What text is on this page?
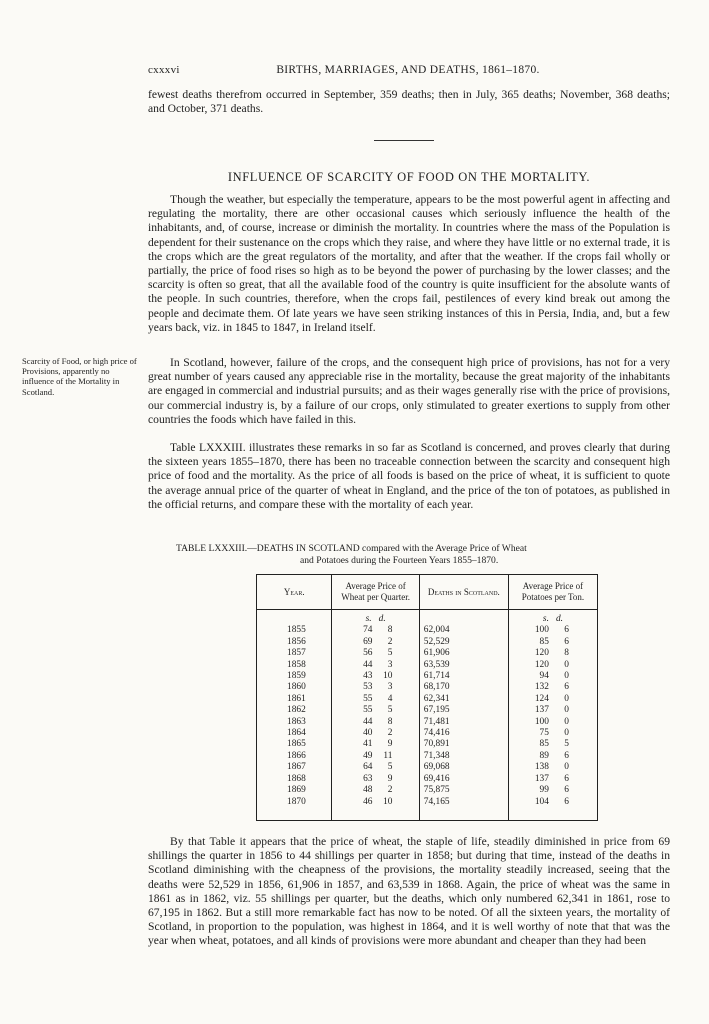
cxxxvi	BIRTHS, MARRIAGES, AND DEATHS, 1861–1870.

fewest deaths therefrom occurred in September, 359 deaths; then in July, 365 deaths; November, 368 deaths; and October, 371 deaths.

INFLUENCE OF SCARCITY OF FOOD ON THE MORTALITY.

Though the weather, but especially the temperature, appears to be the most powerful agent in affecting and regulating the mortality, there are other occasional causes which seriously influence the health of the inhabitants, and, of course, increase or diminish the mortality. In countries where the mass of the Population is dependent for their sustenance on the crops which they raise, and where they have little or no external trade, it is the crops which are the great regulators of the mortality, and after that the weather. If the crops fail wholly or partially, the price of food rises so high as to be beyond the power of purchasing by the lower classes; and the scarcity is often so great, that all the available food of the country is quite insufficient for the absolute wants of the people. In such countries, therefore, when the crops fail, pestilences of every kind break out among the people and decimate them. Of late years we have seen striking instances of this in Persia, India, and, but a few years back, viz. in 1845 to 1847, in Ireland itself.

In Scotland, however, failure of the crops, and the consequent high price of provisions, has not for a very great number of years caused any appreciable rise in the mortality, because the great majority of the inhabitants are engaged in commercial and industrial pursuits; and as their wages generally rise with the price of provisions, our commercial industry is, by a failure of our crops, only stimulated to greater exertions to supply from other countries the foods which have failed in this.

Table LXXXIII. illustrates these remarks in so far as Scotland is concerned, and proves clearly that during the sixteen years 1855–1870, there has been no traceable connection between the scarcity and consequent high price of food and the mortality. As the price of all foods is based on the price of wheat, it is sufficient to quote the average annual price of the quarter of wheat in England, and the price of the ton of potatoes, as published in the official returns, and compare these with the mortality of each year.

Scarcity of Food, or high price of Provisions, apparently no influence of the Mortality in Scotland.
TABLE LXXXIII.—DEATHS IN SCOTLAND compared with the Average Price of Wheat
and Potatoes during the Fourteen Years 1855–1870.
Year.	Average Price of Wheat per Quarter.	Deaths in Scotland.	Average Price of Potatoes per Ton.
	s. d.		s. d.
1855	74 8	62,004	100 6
1856	69 2	52,529	85 6
1857	56 5	61,906	120 8
1858	44 3	63,539	120 0
1859	43 10	61,714	94 0
1860	53 3	68,170	132 6
1861	55 4	62,341	124 0
1862	55 5	67,195	137 0
1863	44 8	71,481	100 0
1864	40 2	74,416	75 0
1865	41 9	70,891	85 5
1866	49 11	71,348	89 6
1867	64 5	69,068	138 0
1868	63 9	69,416	137 6
1869	48 2	75,875	99 6
1870	46 10	74,165	104 6

By that Table it appears that the price of wheat, the staple of life, steadily diminished in price from 69 shillings the quarter in 1856 to 44 shillings per quarter in 1858; but during that time, instead of the deaths in Scotland diminishing with the cheapness of the provisions, the mortality steadily increased, seeing that the deaths were 52,529 in 1856, 61,906 in 1857, and 63,539 in 1868. Again, the price of wheat was the same in 1861 as in 1862, viz. 55 shillings per quarter, but the deaths, which only numbered 62,341 in 1861, rose to 67,195 in 1862. But a still more remarkable fact has now to be noted. Of all the sixteen years, the mortality of Scotland, in proportion to the population, was highest in 1864, and it is well worthy of note that that was the year when wheat, potatoes, and all kinds of provisions were more abundant and cheaper than they had been
